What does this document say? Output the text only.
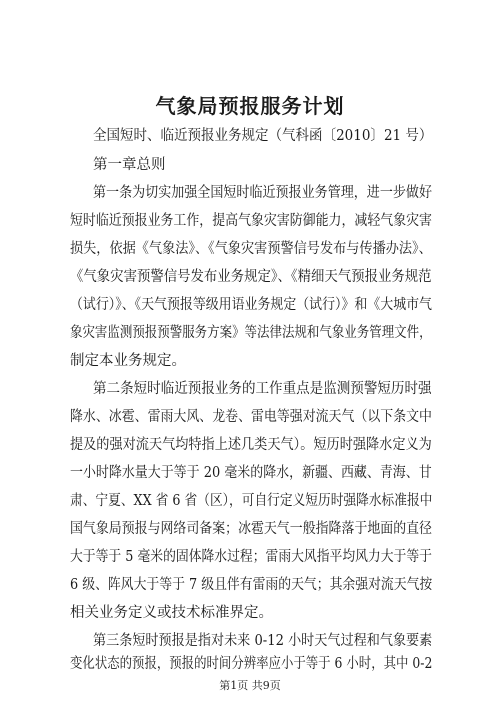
气象局预报服务计划
全国短时、临近预报业务规定（气科函〔2010〕21 号）
第一章总则
第一条为切实加强全国短时临近预报业务管理，进一步做好
短时临近预报业务工作，提高气象灾害防御能力，减轻气象灾害
损失，依据《气象法》、《气象灾害预警信号发布与传播办法》、
《气象灾害预警信号发布业务规定》、《精细天气预报业务规范
（试行）》、《天气预报等级用语业务规定（试行）》和《大城市气
象灾害监测预报预警服务方案》等法律法规和气象业务管理文件，
制定本业务规定。
第二条短时临近预报业务的工作重点是监测预警短历时强
降水、冰雹、雷雨大风、龙卷、雷电等强对流天气（以下条文中
提及的强对流天气均特指上述几类天气）。短历时强降水定义为
一小时降水量大于等于 20 毫米的降水，新疆、西藏、青海、甘
肃、宁夏、XX 省 6 省（区），可自行定义短历时强降水标准报中
国气象局预报与网络司备案；冰雹天气一般指降落于地面的直径
大于等于 5 毫米的固体降水过程；雷雨大风指平均风力大于等于
6 级、阵风大于等于 7 级且伴有雷雨的天气；其余强对流天气按
相关业务定义或技术标准界定。
第三条短时预报是指对未来 0-12 小时天气过程和气象要素
变化状态的预报，预报的时间分辨率应小于等于 6 小时，其中 0-2
第1页 共9页
